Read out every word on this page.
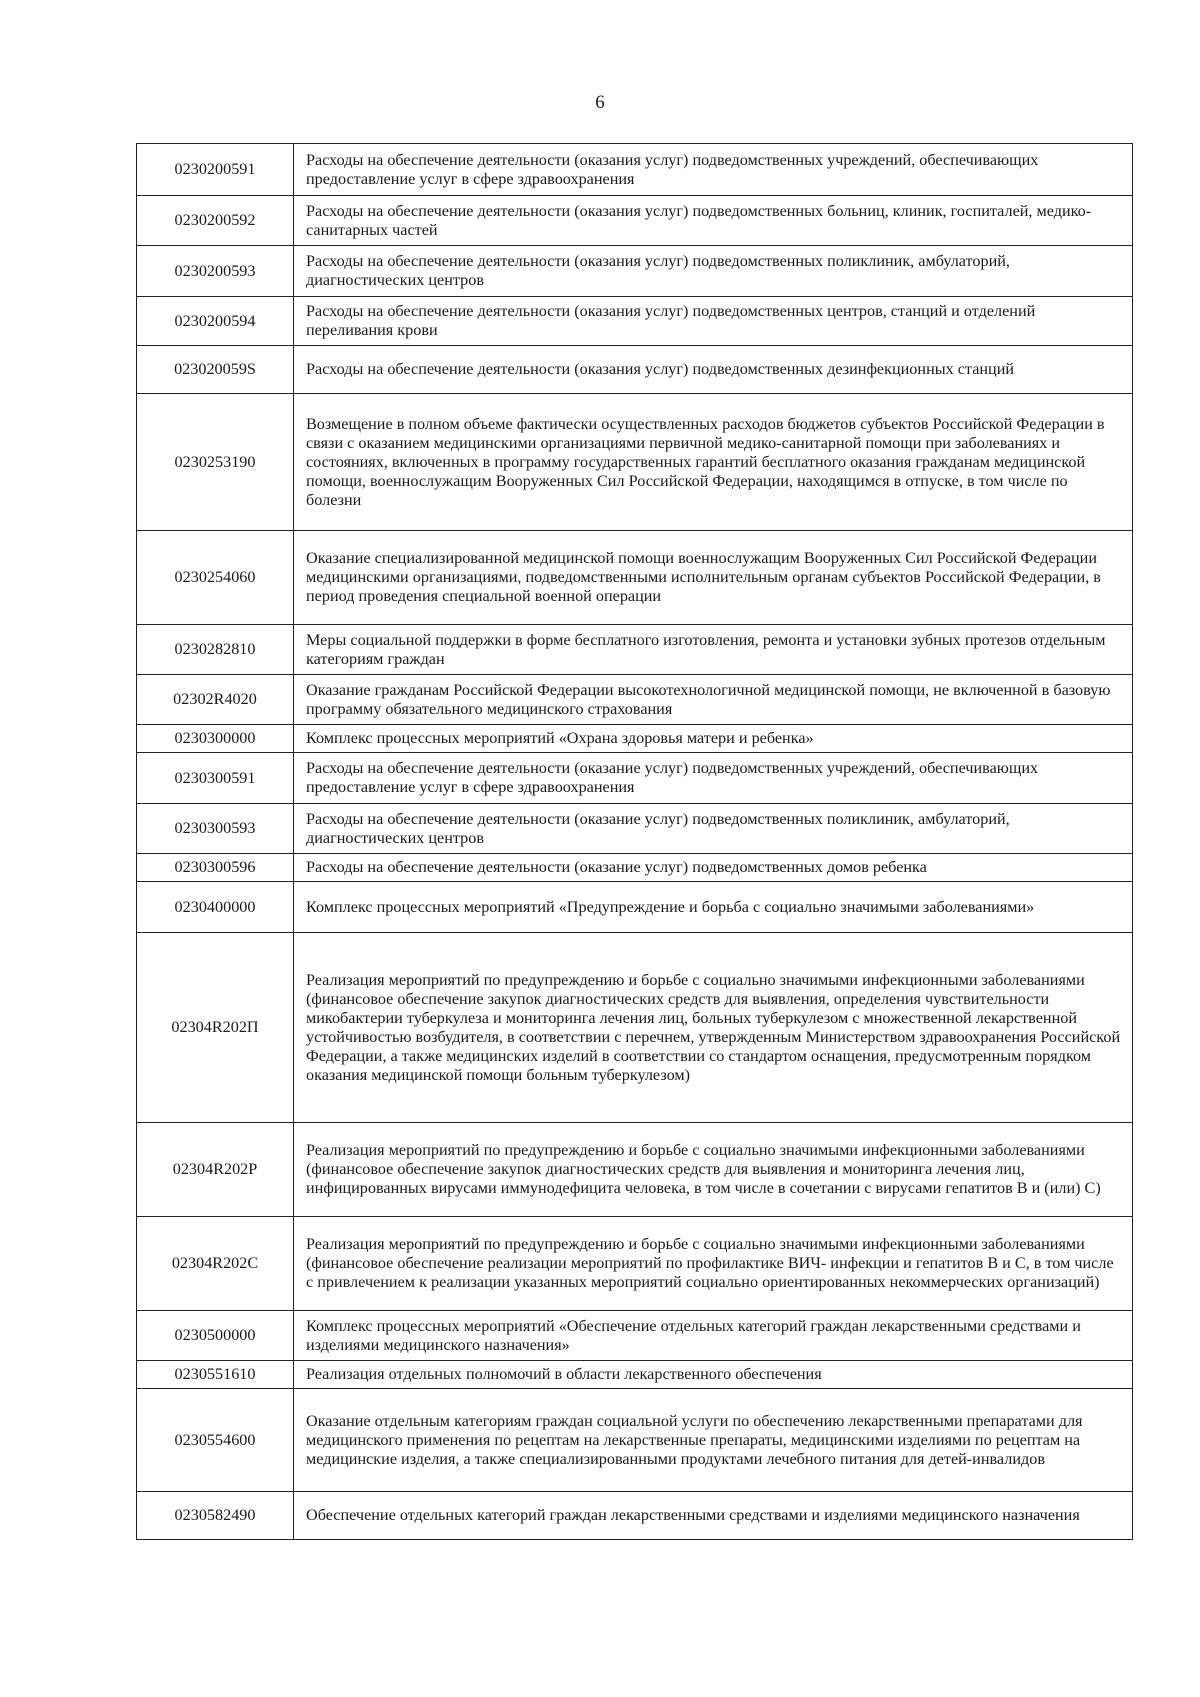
6
0230200591	Расходы на обеспечение деятельности (оказания услуг) подведомственных учреждений, обеспечивающих предоставление услуг в сфере здравоохранения
0230200592	Расходы на обеспечение деятельности (оказания услуг) подведомственных больниц, клиник, госпиталей, медико-санитарных частей
0230200593	Расходы на обеспечение деятельности (оказания услуг) подведомственных поликлиник, амбулаторий, диагностических центров
0230200594	Расходы на обеспечение деятельности (оказания услуг) подведомственных центров, станций и отделений переливания крови
023020059S	Расходы на обеспечение деятельности (оказания услуг) подведомственных дезинфекционных станций
0230253190	Возмещение в полном объеме фактически осуществленных расходов бюджетов субъектов Российской Федерации в связи с оказанием медицинскими организациями первичной медико-санитарной помощи при заболеваниях и состояниях, включенных в программу государственных гарантий бесплатного оказания гражданам медицинской помощи, военнослужащим Вооруженных Сил Российской Федерации, находящимся в отпуске, в том числе по болезни
0230254060	Оказание специализированной медицинской помощи военнослужащим Вооруженных Сил Российской Федерации медицинскими организациями, подведомственными исполнительным органам субъектов Российской Федерации, в период проведения специальной военной операции
0230282810	Меры социальной поддержки в форме бесплатного изготовления, ремонта и установки зубных протезов отдельным категориям граждан
02302R4020	Оказание гражданам Российской Федерации высокотехнологичной медицинской помощи, не включенной в базовую программу обязательного медицинского страхования
0230300000	Комплекс процессных мероприятий «Охрана здоровья матери и ребенка»
0230300591	Расходы на обеспечение деятельности (оказание услуг) подведомственных учреждений, обеспечивающих предоставление услуг в сфере здравоохранения
0230300593	Расходы на обеспечение деятельности (оказание услуг) подведомственных поликлиник, амбулаторий, диагностических центров
0230300596	Расходы на обеспечение деятельности (оказание услуг) подведомственных домов ребенка
0230400000	Комплекс процессных мероприятий «Предупреждение и борьба с социально значимыми заболеваниями»
02304R202П	Реализация мероприятий по предупреждению и борьбе с социально значимыми инфекционными заболеваниями (финансовое обеспечение закупок диагностических средств для выявления, определения чувствительности микобактерии туберкулеза и мониторинга лечения лиц, больных туберкулезом с множественной лекарственной устойчивостью возбудителя, в соответствии с перечнем, утвержденным Министерством здравоохранения Российской Федерации, а также медицинских изделий в соответствии со стандартом оснащения, предусмотренным порядком оказания медицинской помощи больным туберкулезом)
02304R202Р	Реализация мероприятий по предупреждению и борьбе с социально значимыми инфекционными заболеваниями (финансовое обеспечение закупок диагностических средств для выявления и мониторинга лечения лиц, инфицированных вирусами иммунодефицита человека, в том числе в сочетании с вирусами гепатитов В и (или) С)
02304R202С	Реализация мероприятий по предупреждению и борьбе с социально значимыми инфекционными заболеваниями (финансовое обеспечение реализации мероприятий по профилактике ВИЧ- инфекции и гепатитов В и С, в том числе с привлечением к реализации указанных мероприятий социально ориентированных некоммерческих организаций)
0230500000	Комплекс процессных мероприятий «Обеспечение отдельных категорий граждан лекарственными средствами и изделиями медицинского назначения»
0230551610	Реализация отдельных полномочий в области лекарственного обеспечения
0230554600	Оказание отдельным категориям граждан социальной услуги по обеспечению лекарственными препаратами для медицинского применения по рецептам на лекарственные препараты, медицинскими изделиями по рецептам на медицинские изделия, а также специализированными продуктами лечебного питания для детей-инвалидов
0230582490	Обеспечение отдельных категорий граждан лекарственными средствами и изделиями медицинского назначения
